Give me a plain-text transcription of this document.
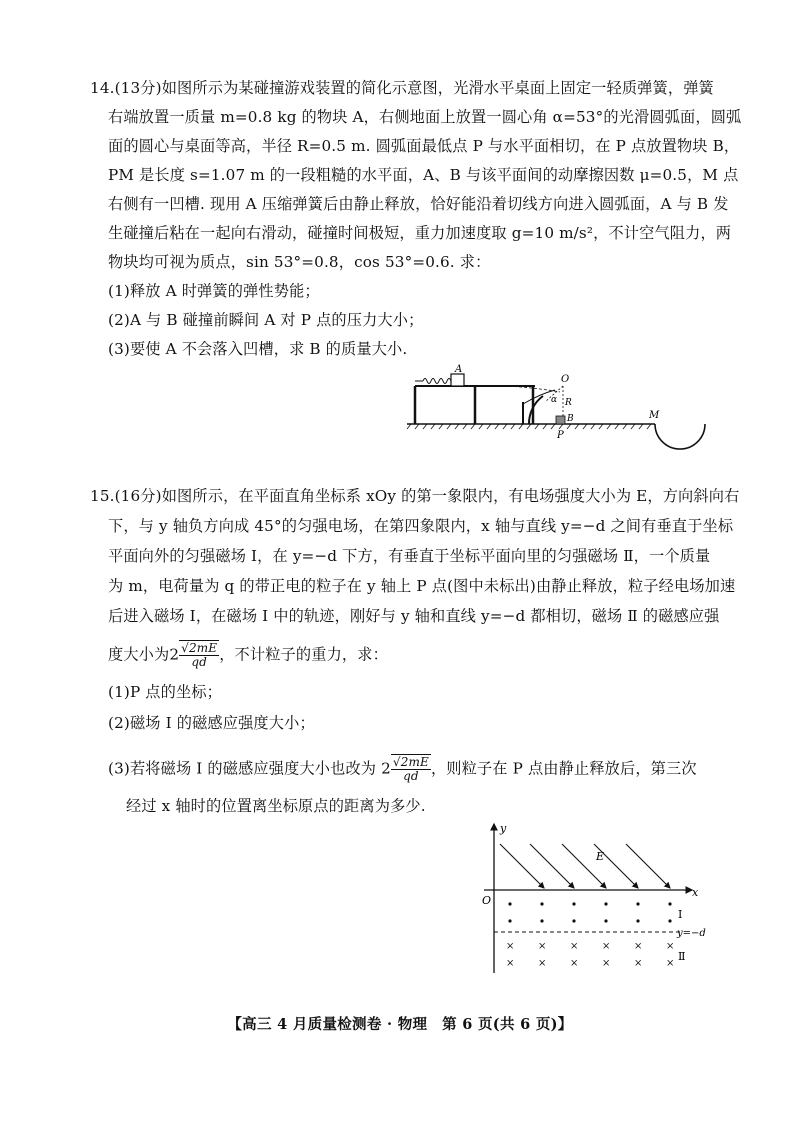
14.(13分)如图所示为某碰撞游戏装置的简化示意图，光滑水平桌面上固定一轻质弹簧，弹簧
右端放置一质量 m=0.8 kg 的物块 A，右侧地面上放置一圆心角 α=53°的光滑圆弧面，圆弧
面的圆心与桌面等高，半径 R=0.5 m. 圆弧面最低点 P 与水平面相切，在 P 点放置物块 B，
PM 是长度 s=1.07 m 的一段粗糙的水平面，A、B 与该平面间的动摩擦因数 μ=0.5，M 点
右侧有一凹槽. 现用 A 压缩弹簧后由静止释放，恰好能沿着切线方向进入圆弧面，A 与 B 发
生碰撞后粘在一起向右滑动，碰撞时间极短，重力加速度取 g=10 m/s²，不计空气阻力，两
物块均可视为质点，sin 53°=0.8，cos 53°=0.6. 求：
(1)释放 A 时弹簧的弹性势能；
(2)A 与 B 碰撞前瞬间 A 对 P 点的压力大小；
(3)要使 A 不会落入凹槽，求 B 的质量大小.
A
O
α R
B
P
M
15.(16分)如图所示，在平面直角坐标系 xOy 的第一象限内，有电场强度大小为 E，方向斜向右
下，与 y 轴负方向成 45°的匀强电场，在第四象限内，x 轴与直线 y=−d 之间有垂直于坐标
平面向外的匀强磁场 Ⅰ，在 y=−d 下方，有垂直于坐标平面向里的匀强磁场 Ⅱ，一个质量
为 m，电荷量为 q 的带正电的粒子在 y 轴上 P 点(图中未标出)由静止释放，粒子经电场加速
后进入磁场 Ⅰ，在磁场 Ⅰ 中的轨迹，刚好与 y 轴和直线 y=−d 都相切，磁场 Ⅱ 的磁感应强
度大小为$2 \frac{√2mE}{qd}$ ，不计粒子的重力，求：
(1)P 点的坐标；
(2)磁场 Ⅰ 的磁感应强度大小；
(3)若将磁场 Ⅰ 的磁感应强度大小也改为 $2 \frac{√2mE}{qd}$ ，则粒子在 P 点由静止释放后，第三次
经过 x 轴时的位置离坐标原点的距离为多少.
y
x
O
E
Ⅰ
y=−d
× × × × × ×
× × × × × ×
Ⅱ
【高三 4 月质量检测卷 · 物理　第 6 页(共 6 页)】
